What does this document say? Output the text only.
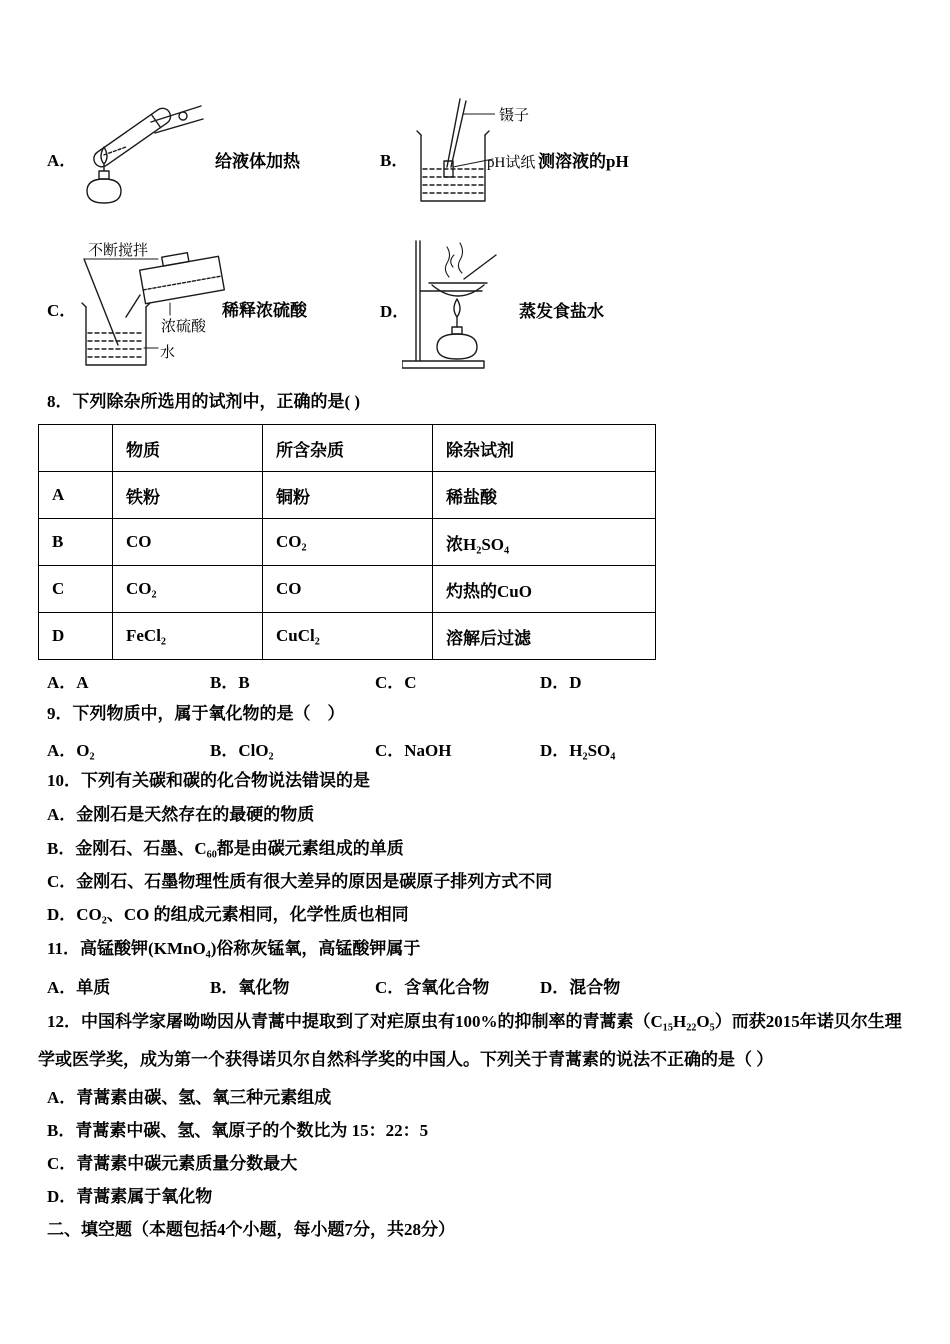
A．	给液体加热	B．
镊子
pH试纸 测溶液的pH
不断搅拌
C．
浓硫酸
水
稀释浓硫酸	D．	蒸发食盐水
8．下列除杂所选用的试剂中，正确的是( )
	物质	所含杂质	除杂试剂
A	铁粉	铜粉	稀盐酸
B	CO	CO₂	浓H₂SO₄
C	CO₂	CO	灼热的CuO
D	FeCl₂	CuCl₂	溶解后过滤
A．A	B．B	C．C	D．D
9．下列物质中，属于氧化物的是（　）
A．O₂	B．ClO₂	C．NaOH	D．H₂SO₄
10．下列有关碳和碳的化合物说法错误的是
A．金刚石是天然存在的最硬的物质
B．金刚石、石墨、C₆₀都是由碳元素组成的单质
C．金刚石、石墨物理性质有很大差异的原因是碳原子排列方式不同
D．CO₂、CO 的组成元素相同，化学性质也相同
11．高锰酸钾(KMnO₄)俗称灰锰氧，高锰酸钾属于
A．单质	B．氧化物	C．含氧化合物	D．混合物
12．中国科学家屠呦呦因从青蒿中提取到了对疟原虫有100%的抑制率的青蒿素（C₁₅H₂₂O₅）而获2015年诺贝尔生理学或医学奖，成为第一个获得诺贝尔自然科学奖的中国人。下列关于青蒿素的说法不正确的是（ ）
A．青蒿素由碳、氢、氧三种元素组成
B．青蒿素中碳、氢、氧原子的个数比为 15：22：5
C．青蒿素中碳元素质量分数最大
D．青蒿素属于氧化物
二、填空题（本题包括4个小题，每小题7分，共28分）
